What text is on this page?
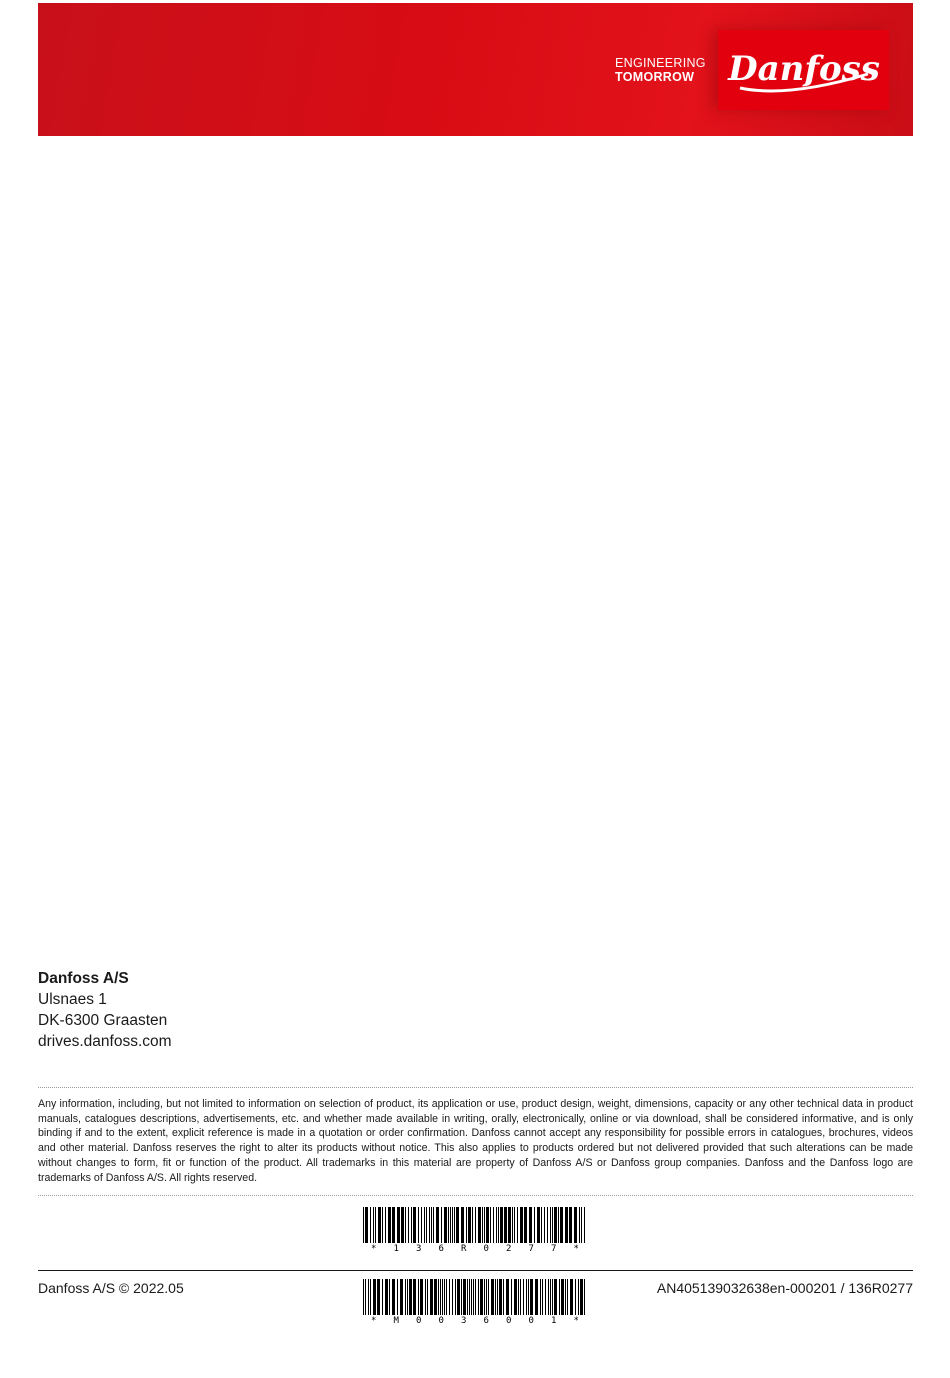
ENGINEERING
TOMORROW Danfoss
Danfoss A/S
Ulsnaes 1
DK-6300 Graasten
drives.danfoss.com
Any information, including, but not limited to information on selection of product, its application or use, product design, weight, dimensions, capacity or any other technical data in product manuals, catalogues descriptions, advertisements, etc. and whether made available in writing, orally, electronically, online or via download, shall be considered informative, and is only binding if and to the extent, explicit reference is made in a quotation or order confirmation. Danfoss cannot accept any responsibility for possible errors in catalogues, brochures, videos and other material. Danfoss reserves the right to alter its products without notice. This also applies to products ordered but not delivered provided that such alterations can be made without changes to form, fit or function of the product. All trademarks in this material are property of Danfoss A/S or Danfoss group companies. Danfoss and the Danfoss logo are trademarks of Danfoss A/S. All rights reserved.
* 1 3 6 R 0 2 7 7 *
Danfoss A/S © 2022.05	AN405139032638en-000201 / 136R0277
* M 0 0 3 6 0 0 1 *
